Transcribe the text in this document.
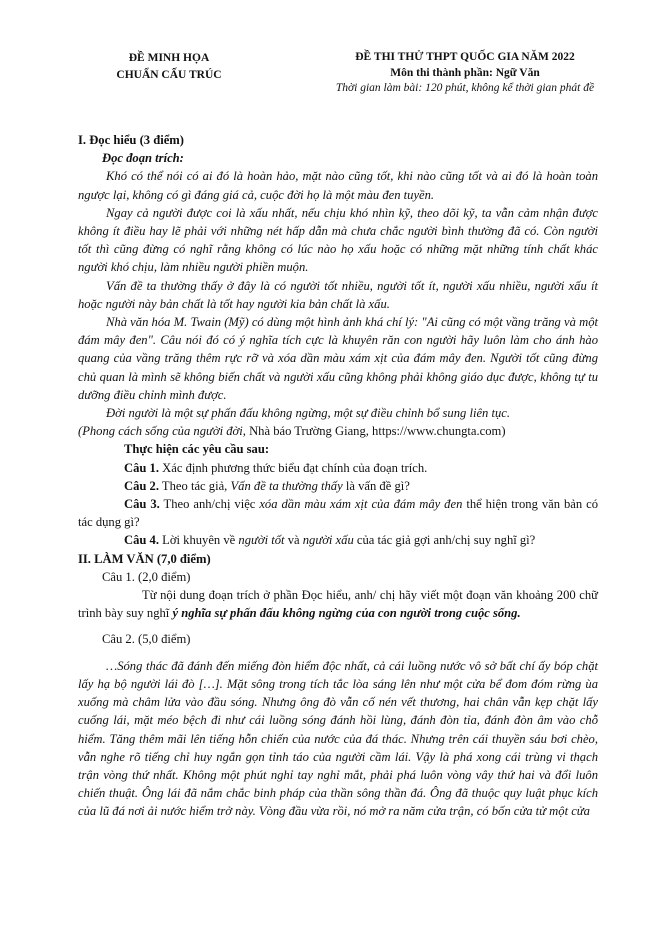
ĐỀ MINH HỌA
CHUẨN CẤU TRÚC
ĐỀ THI THỬ THPT QUỐC GIA NĂM 2022
Môn thi thành phần: Ngữ Văn
Thời gian làm bài: 120 phút, không kể thời gian phát đề

I. Đọc hiểu (3 điểm)

Đọc đoạn trích:

Khó có thể nói có ai đó là hoàn hảo, mặt nào cũng tốt, khi nào cũng tốt và ai đó là hoàn toàn ngược lại, không có gì đáng giá cả, cuộc đời họ là một màu đen tuyền.

Ngay cả người được coi là xấu nhất, nếu chịu khó nhìn kỹ, theo dõi kỹ, ta vẫn cảm nhận được không ít điều hay lẽ phải với những nét hấp dẫn mà chưa chắc người bình thường đã có. Còn người tốt thì cũng đừng có nghĩ rằng không có lúc nào họ xấu hoặc có những mặt những tính chất khác người khó chịu, làm nhiều người phiền muộn.

Vấn đề ta thường thấy ở đây là có người tốt nhiều, người tốt ít, người xấu nhiều, người xấu ít hoặc người này bản chất là tốt hay người kia bản chất là xấu.

Nhà văn hóa M. Twain (Mỹ) có dùng một hình ảnh khá chí lý: "Ai cũng có một vầng trăng và một đám mây đen". Câu nói đó có ý nghĩa tích cực là khuyên răn con người hãy luôn làm cho ánh hào quang của vầng trăng thêm rực rỡ và xóa dần màu xám xịt của đám mây đen. Người tốt cũng đừng chủ quan là mình sẽ không biến chất và người xấu cũng không phải không giáo dục được, không tự tu dưỡng điều chỉnh mình được.

Đời người là một sự phấn đấu không ngừng, một sự điều chỉnh bổ sung liên tục.

(Phong cách sống của người đời, Nhà báo Trường Giang, https://www.chungta.com)

Thực hiện các yêu cầu sau:

Câu 1. Xác định phương thức biểu đạt chính của đoạn trích.

Câu 2. Theo tác giả, Vấn đề ta thường thấy là vấn đề gì?

Câu 3. Theo anh/chị việc xóa dần màu xám xịt của đám mây đen thể hiện trong văn bản có tác dụng gì?

Câu 4. Lời khuyên về người tốt và người xấu của tác giả gợi anh/chị suy nghĩ gì?

II. LÀM VĂN (7,0 điểm)

Câu 1. (2,0 điểm)

Từ nội dung đoạn trích ở phần Đọc hiểu, anh/ chị hãy viết một đoạn văn khoảng 200 chữ trình bày suy nghĩ ý nghĩa sự phấn đấu không ngừng của con người trong cuộc sống.

Câu 2. (5,0 điểm)

…Sóng thác đã đánh đến miếng đòn hiểm độc nhất, cả cái luồng nước vô sở bất chí ấy bóp chặt lấy hạ bộ người lái đò […]. Mặt sông trong tích tắc lòa sáng lên như một cửa bể đom đóm rừng ùa xuống mà châm lửa vào đầu sóng. Nhưng ông đò vẫn cố nén vết thương, hai chân vẫn kẹp chặt lấy cuống lái, mặt méo bệch đi như cái luồng sóng đánh hồi lùng, đánh đòn tỉa, đánh đòn âm vào chỗ hiểm. Tăng thêm mãi lên tiếng hỗn chiến của nước của đá thác. Nhưng trên cái thuyền sáu bơi chèo, vẫn nghe rõ tiếng chỉ huy ngắn gọn tỉnh táo của người cầm lái. Vậy là phá xong cái trùng vi thạch trận vòng thứ nhất. Không một phút nghỉ tay nghỉ mắt, phải phá luôn vòng vây thứ hai và đổi luôn chiến thuật. Ông lái đã nắm chắc binh pháp của thần sông thần đá. Ông đã thuộc quy luật phục kích của lũ đá nơi ải nước hiểm trở này. Vòng đầu vừa rồi, nó mở ra năm cửa trận, có bốn cửa tử một cửa
